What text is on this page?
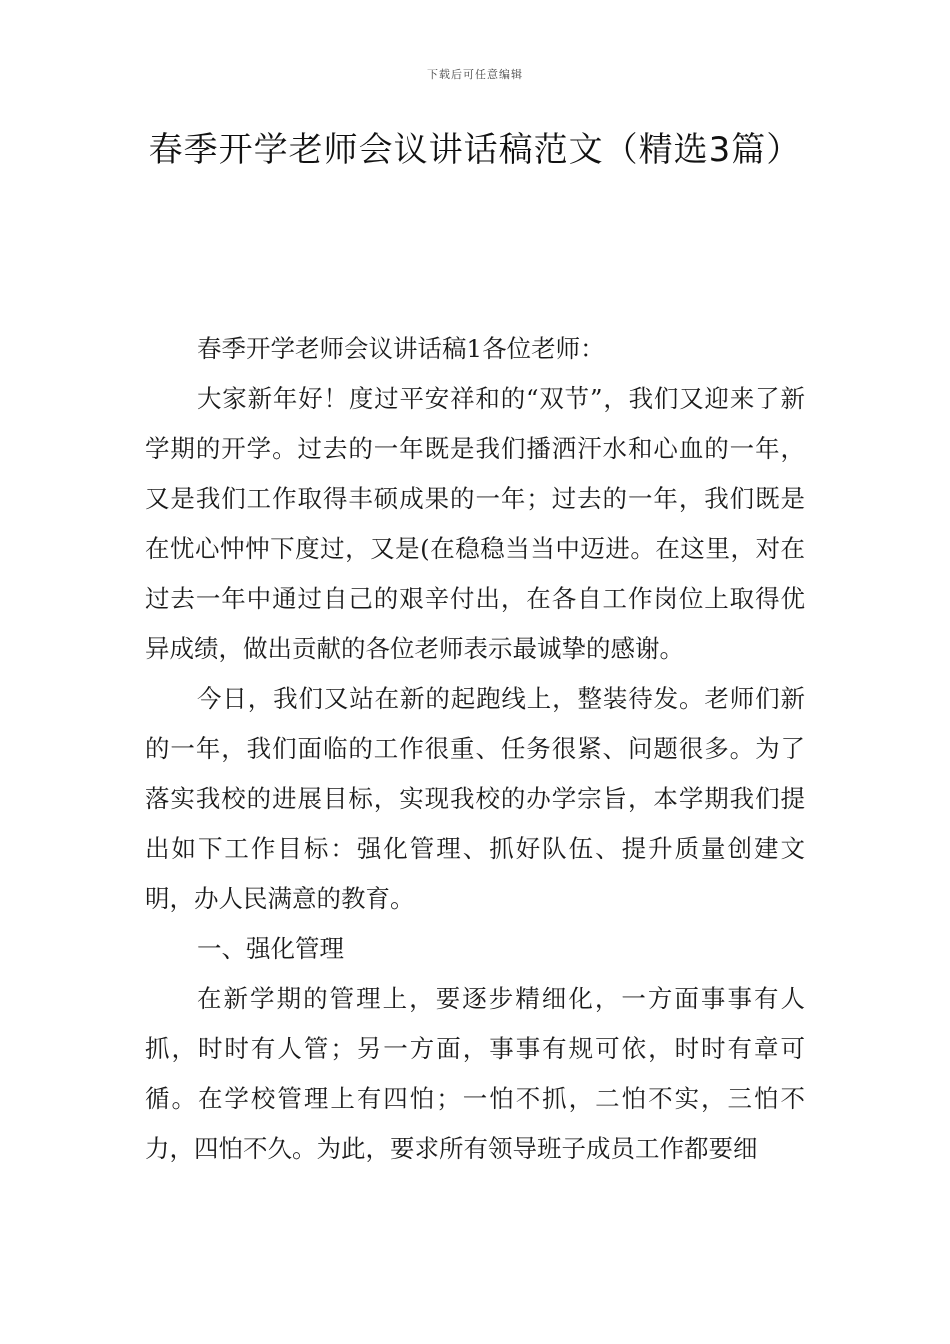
下载后可任意编辑
春季开学老师会议讲话稿范文（精选3篇）

春季开学老师会议讲话稿1各位老师：

大家新年好！度过平安祥和的“双节”，我们又迎来了新学期的开学。过去的一年既是我们播洒汗水和心血的一年，又是我们工作取得丰硕成果的一年；过去的一年，我们既是在忧心忡忡下度过，又是(在稳稳当当中迈进。在这里，对在过去一年中通过自己的艰辛付出，在各自工作岗位上取得优异成绩，做出贡献的各位老师表示最诚挚的感谢。

今日，我们又站在新的起跑线上，整装待发。老师们新的一年，我们面临的工作很重、任务很紧、问题很多。为了落实我校的进展目标，实现我校的办学宗旨，本学期我们提出如下工作目标：强化管理、抓好队伍、提升质量创建文明，办人民满意的教育。

一、强化管理

在新学期的管理上，要逐步精细化，一方面事事有人抓，时时有人管；另一方面，事事有规可依，时时有章可循。在学校管理上有四怕；一怕不抓，二怕不实，三怕不力，四怕不久。为此，要求所有领导班子成员工作都要细
